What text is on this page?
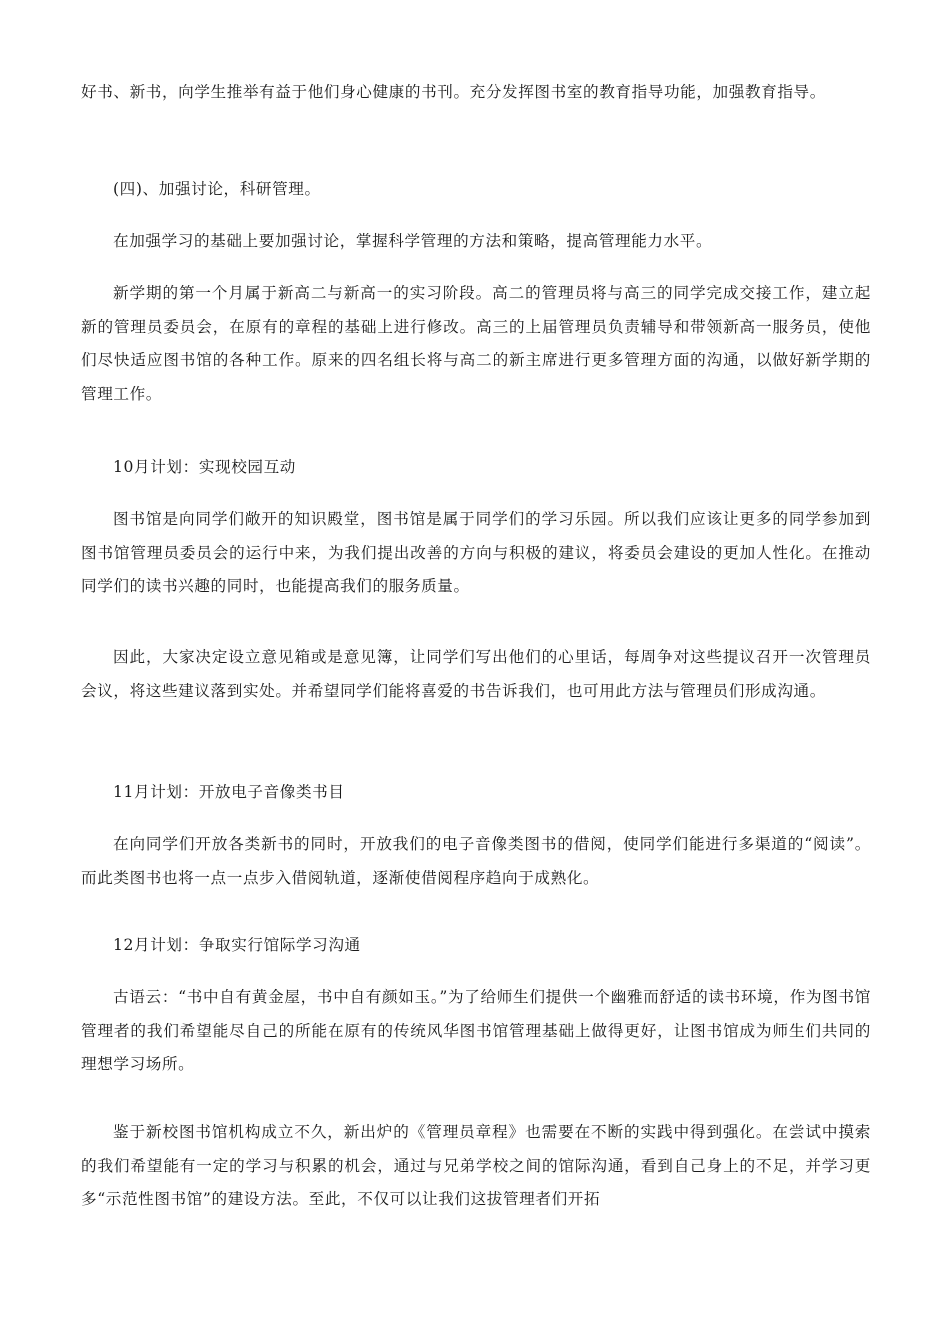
好书、新书，向学生推举有益于他们身心健康的书刊。充分发挥图书室的教育指导功能，加强教育指导。

(四)、加强讨论，科研管理。

在加强学习的基础上要加强讨论，掌握科学管理的方法和策略，提高管理能力水平。

新学期的第一个月属于新高二与新高一的实习阶段。高二的管理员将与高三的同学完成交接工作，建立起新的管理员委员会，在原有的章程的基础上进行修改。高三的上届管理员负责辅导和带领新高一服务员，使他们尽快适应图书馆的各种工作。原来的四名组长将与高二的新主席进行更多管理方面的沟通，以做好新学期的管理工作。

10月计划：实现校园互动

图书馆是向同学们敞开的知识殿堂，图书馆是属于同学们的学习乐园。所以我们应该让更多的同学参加到图书馆管理员委员会的运行中来，为我们提出改善的方向与积极的建议，将委员会建设的更加人性化。在推动同学们的读书兴趣的同时，也能提高我们的服务质量。

因此，大家决定设立意见箱或是意见簿，让同学们写出他们的心里话，每周争对这些提议召开一次管理员会议，将这些建议落到实处。并希望同学们能将喜爱的书告诉我们，也可用此方法与管理员们形成沟通。

11月计划：开放电子音像类书目

在向同学们开放各类新书的同时，开放我们的电子音像类图书的借阅，使同学们能进行多渠道的“阅读”。而此类图书也将一点一点步入借阅轨道，逐渐使借阅程序趋向于成熟化。

12月计划：争取实行馆际学习沟通

古语云：“书中自有黄金屋，书中自有颜如玉。”为了给师生们提供一个幽雅而舒适的读书环境，作为图书馆管理者的我们希望能尽自己的所能在原有的传统风华图书馆管理基础上做得更好，让图书馆成为师生们共同的理想学习场所。

鉴于新校图书馆机构成立不久，新出炉的《管理员章程》也需要在不断的实践中得到强化。在尝试中摸索的我们希望能有一定的学习与积累的机会，通过与兄弟学校之间的馆际沟通，看到自己身上的不足，并学习更多“示范性图书馆”的建设方法。至此，不仅可以让我们这拔管理者们开拓
